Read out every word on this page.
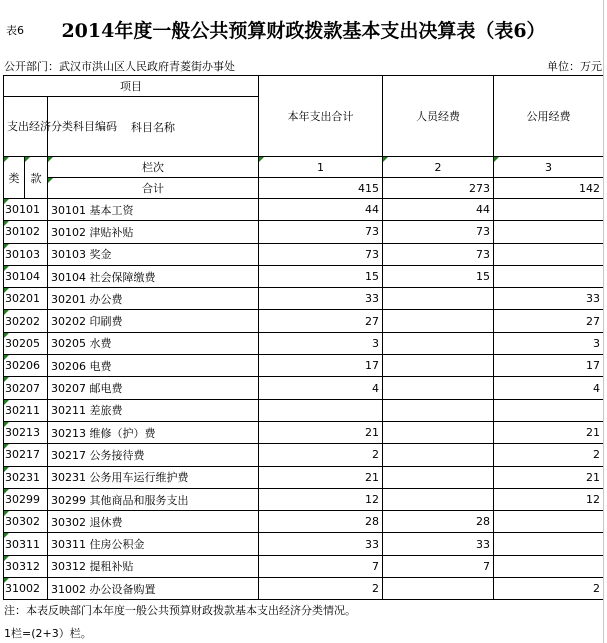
表6	2014年度一般公共预算财政拨款基本支出决算表（表6）
公开部门：武汉市洪山区人民政府青菱街办事处	单位：万元
项目			本年支出合计	人员经费	公用经费
支出经济分类科目编码		科目名称			
类	款	栏次	1	2	3
		合计	415	273	142
30101		30101 基本工资	44	44	
30102		30102 津贴补贴	73	73	
30103		30103 奖金	73	73	
30104		30104 社会保障缴费	15	15	
30201		30201 办公费	33		33
30202		30202 印刷费	27		27
30205		30205 水费	3		3
30206		30206 电费	17		17
30207		30207 邮电费	4		4
30211		30211 差旅费			
30213		30213 维修（护）费	21		21
30217		30217 公务接待费	2		2
30231		30231 公务用车运行维护费	21		21
30299		30299 其他商品和服务支出	12		12
30302		30302 退休费	28	28	
30311		30311 住房公积金	33	33	
30312		30312 提租补贴	7	7	
31002		31002 办公设备购置	2		2
注：本表反映部门本年度一般公共预算财政拨款基本支出经济分类情况。
1栏=(2+3）栏。
